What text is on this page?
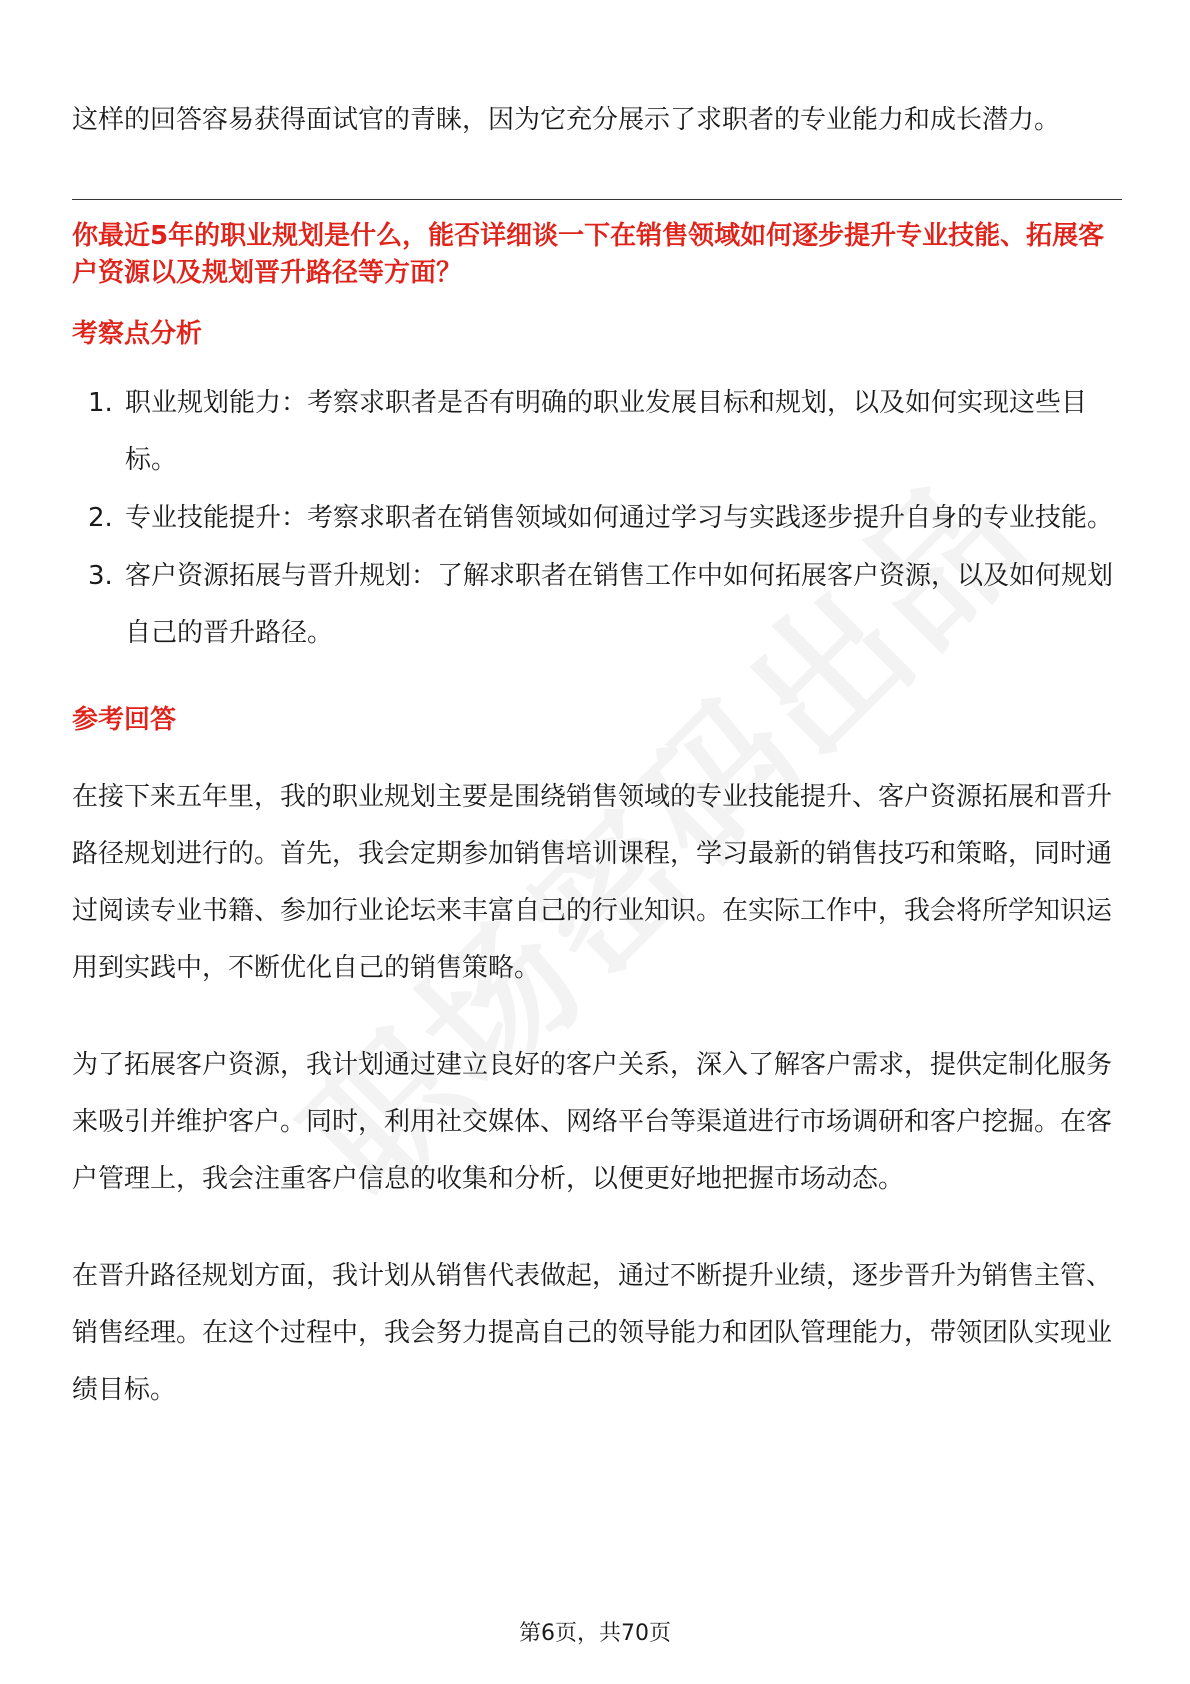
这样的回答容易获得面试官的青睐，因为它充分展示了求职者的专业能力和成长潜力。

你最近5年的职业规划是什么，能否详细谈一下在销售领域如何逐步提升专业技能、拓展客户资源以及规划晋升路径等方面？
考察点分析
1. 职业规划能力：考察求职者是否有明确的职业发展目标和规划，以及如何实现这些目标。
2. 专业技能提升：考察求职者在销售领域如何通过学习与实践逐步提升自身的专业技能。
3. 客户资源拓展与晋升规划：了解求职者在销售工作中如何拓展客户资源，以及如何规划自己的晋升路径。
参考回答

在接下来五年里，我的职业规划主要是围绕销售领域的专业技能提升、客户资源拓展和晋升路径规划进行的。首先，我会定期参加销售培训课程，学习最新的销售技巧和策略，同时通过阅读专业书籍、参加行业论坛来丰富自己的行业知识。在实际工作中，我会将所学知识运用到实践中，不断优化自己的销售策略。

为了拓展客户资源，我计划通过建立良好的客户关系，深入了解客户需求，提供定制化服务来吸引并维护客户。同时，利用社交媒体、网络平台等渠道进行市场调研和客户挖掘。在客户管理上，我会注重客户信息的收集和分析，以便更好地把握市场动态。

在晋升路径规划方面，我计划从销售代表做起，通过不断提升业绩，逐步晋升为销售主管、销售经理。在这个过程中，我会努力提高自己的领导能力和团队管理能力，带领团队实现业绩目标。

第6页，共70页
